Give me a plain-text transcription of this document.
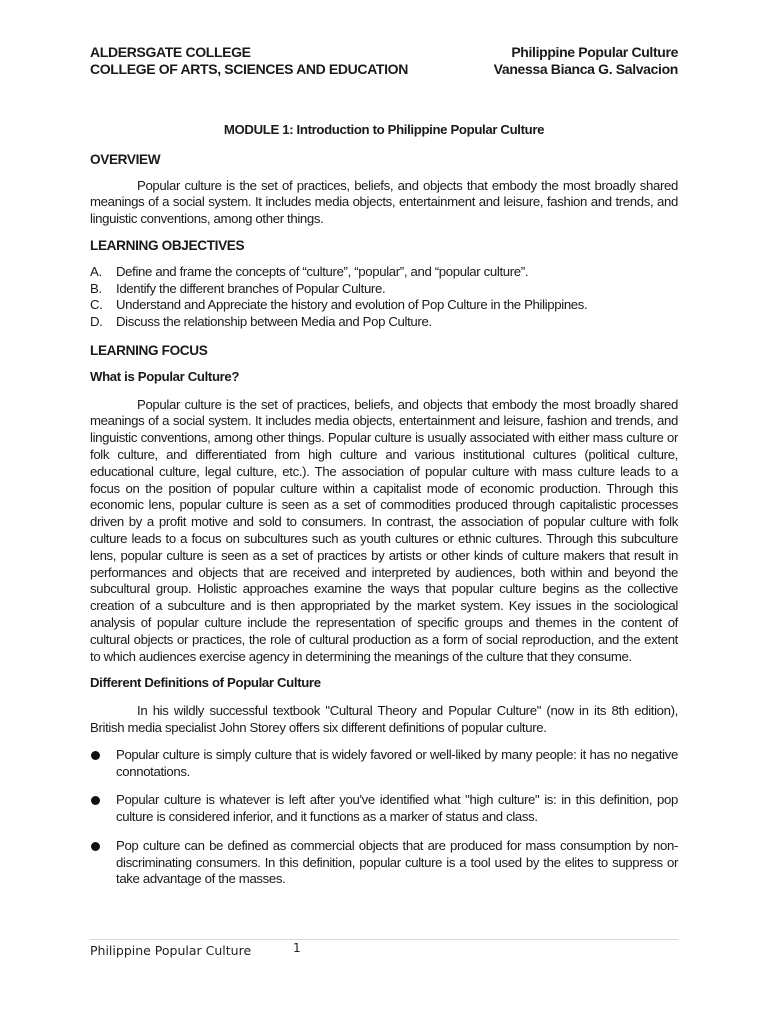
ALDERSGATE COLLEGE
COLLEGE OF ARTS, SCIENCES AND EDUCATION
Philippine Popular Culture
Vanessa Bianca G. Salvacion
MODULE 1: Introduction to Philippine Popular Culture
OVERVIEW

Popular culture is the set of practices, beliefs, and objects that embody the most broadly shared meanings of a social system. It includes media objects, entertainment and leisure, fashion and trends, and linguistic conventions, among other things.

LEARNING OBJECTIVES
A.	Define and frame the concepts of “culture”, “popular”, and “popular culture”.
B.	Identify the different branches of Popular Culture.
C.	Understand and Appreciate the history and evolution of Pop Culture in the Philippines.
D.	Discuss the relationship between Media and Pop Culture.
LEARNING FOCUS
What is Popular Culture?

Popular culture is the set of practices, beliefs, and objects that embody the most broadly shared meanings of a social system. It includes media objects, entertainment and leisure, fashion and trends, and linguistic conventions, among other things. Popular culture is usually associated with either mass culture or folk culture, and differentiated from high culture and various institutional cultures (political culture, educational culture, legal culture, etc.). The association of popular culture with mass culture leads to a focus on the position of popular culture within a capitalist mode of economic production. Through this economic lens, popular culture is seen as a set of commodities produced through capitalistic processes driven by a profit motive and sold to consumers. In contrast, the association of popular culture with folk culture leads to a focus on subcultures such as youth cultures or ethnic cultures. Through this subculture lens, popular culture is seen as a set of practices by artists or other kinds of culture makers that result in performances and objects that are received and interpreted by audiences, both within and beyond the subcultural group. Holistic approaches examine the ways that popular culture begins as the collective creation of a subculture and is then appropriated by the market system. Key issues in the sociological analysis of popular culture include the representation of specific groups and themes in the content of cultural objects or practices, the role of cultural production as a form of social reproduction, and the extent to which audiences exercise agency in determining the meanings of the culture that they consume.

Different Definitions of Popular Culture

In his wildly successful textbook "Cultural Theory and Popular Culture" (now in its 8th edition), British media specialist John Storey offers six different definitions of popular culture.

Popular culture is simply culture that is widely favored or well-liked by many people: it has no negative connotations.
Popular culture is whatever is left after you've identified what "high culture" is: in this definition, pop culture is considered inferior, and it functions as a marker of status and class.
Pop culture can be defined as commercial objects that are produced for mass consumption by non-discriminating consumers. In this definition, popular culture is a tool used by the elites to suppress or take advantage of the masses.
Philippine Popular Culture	1
